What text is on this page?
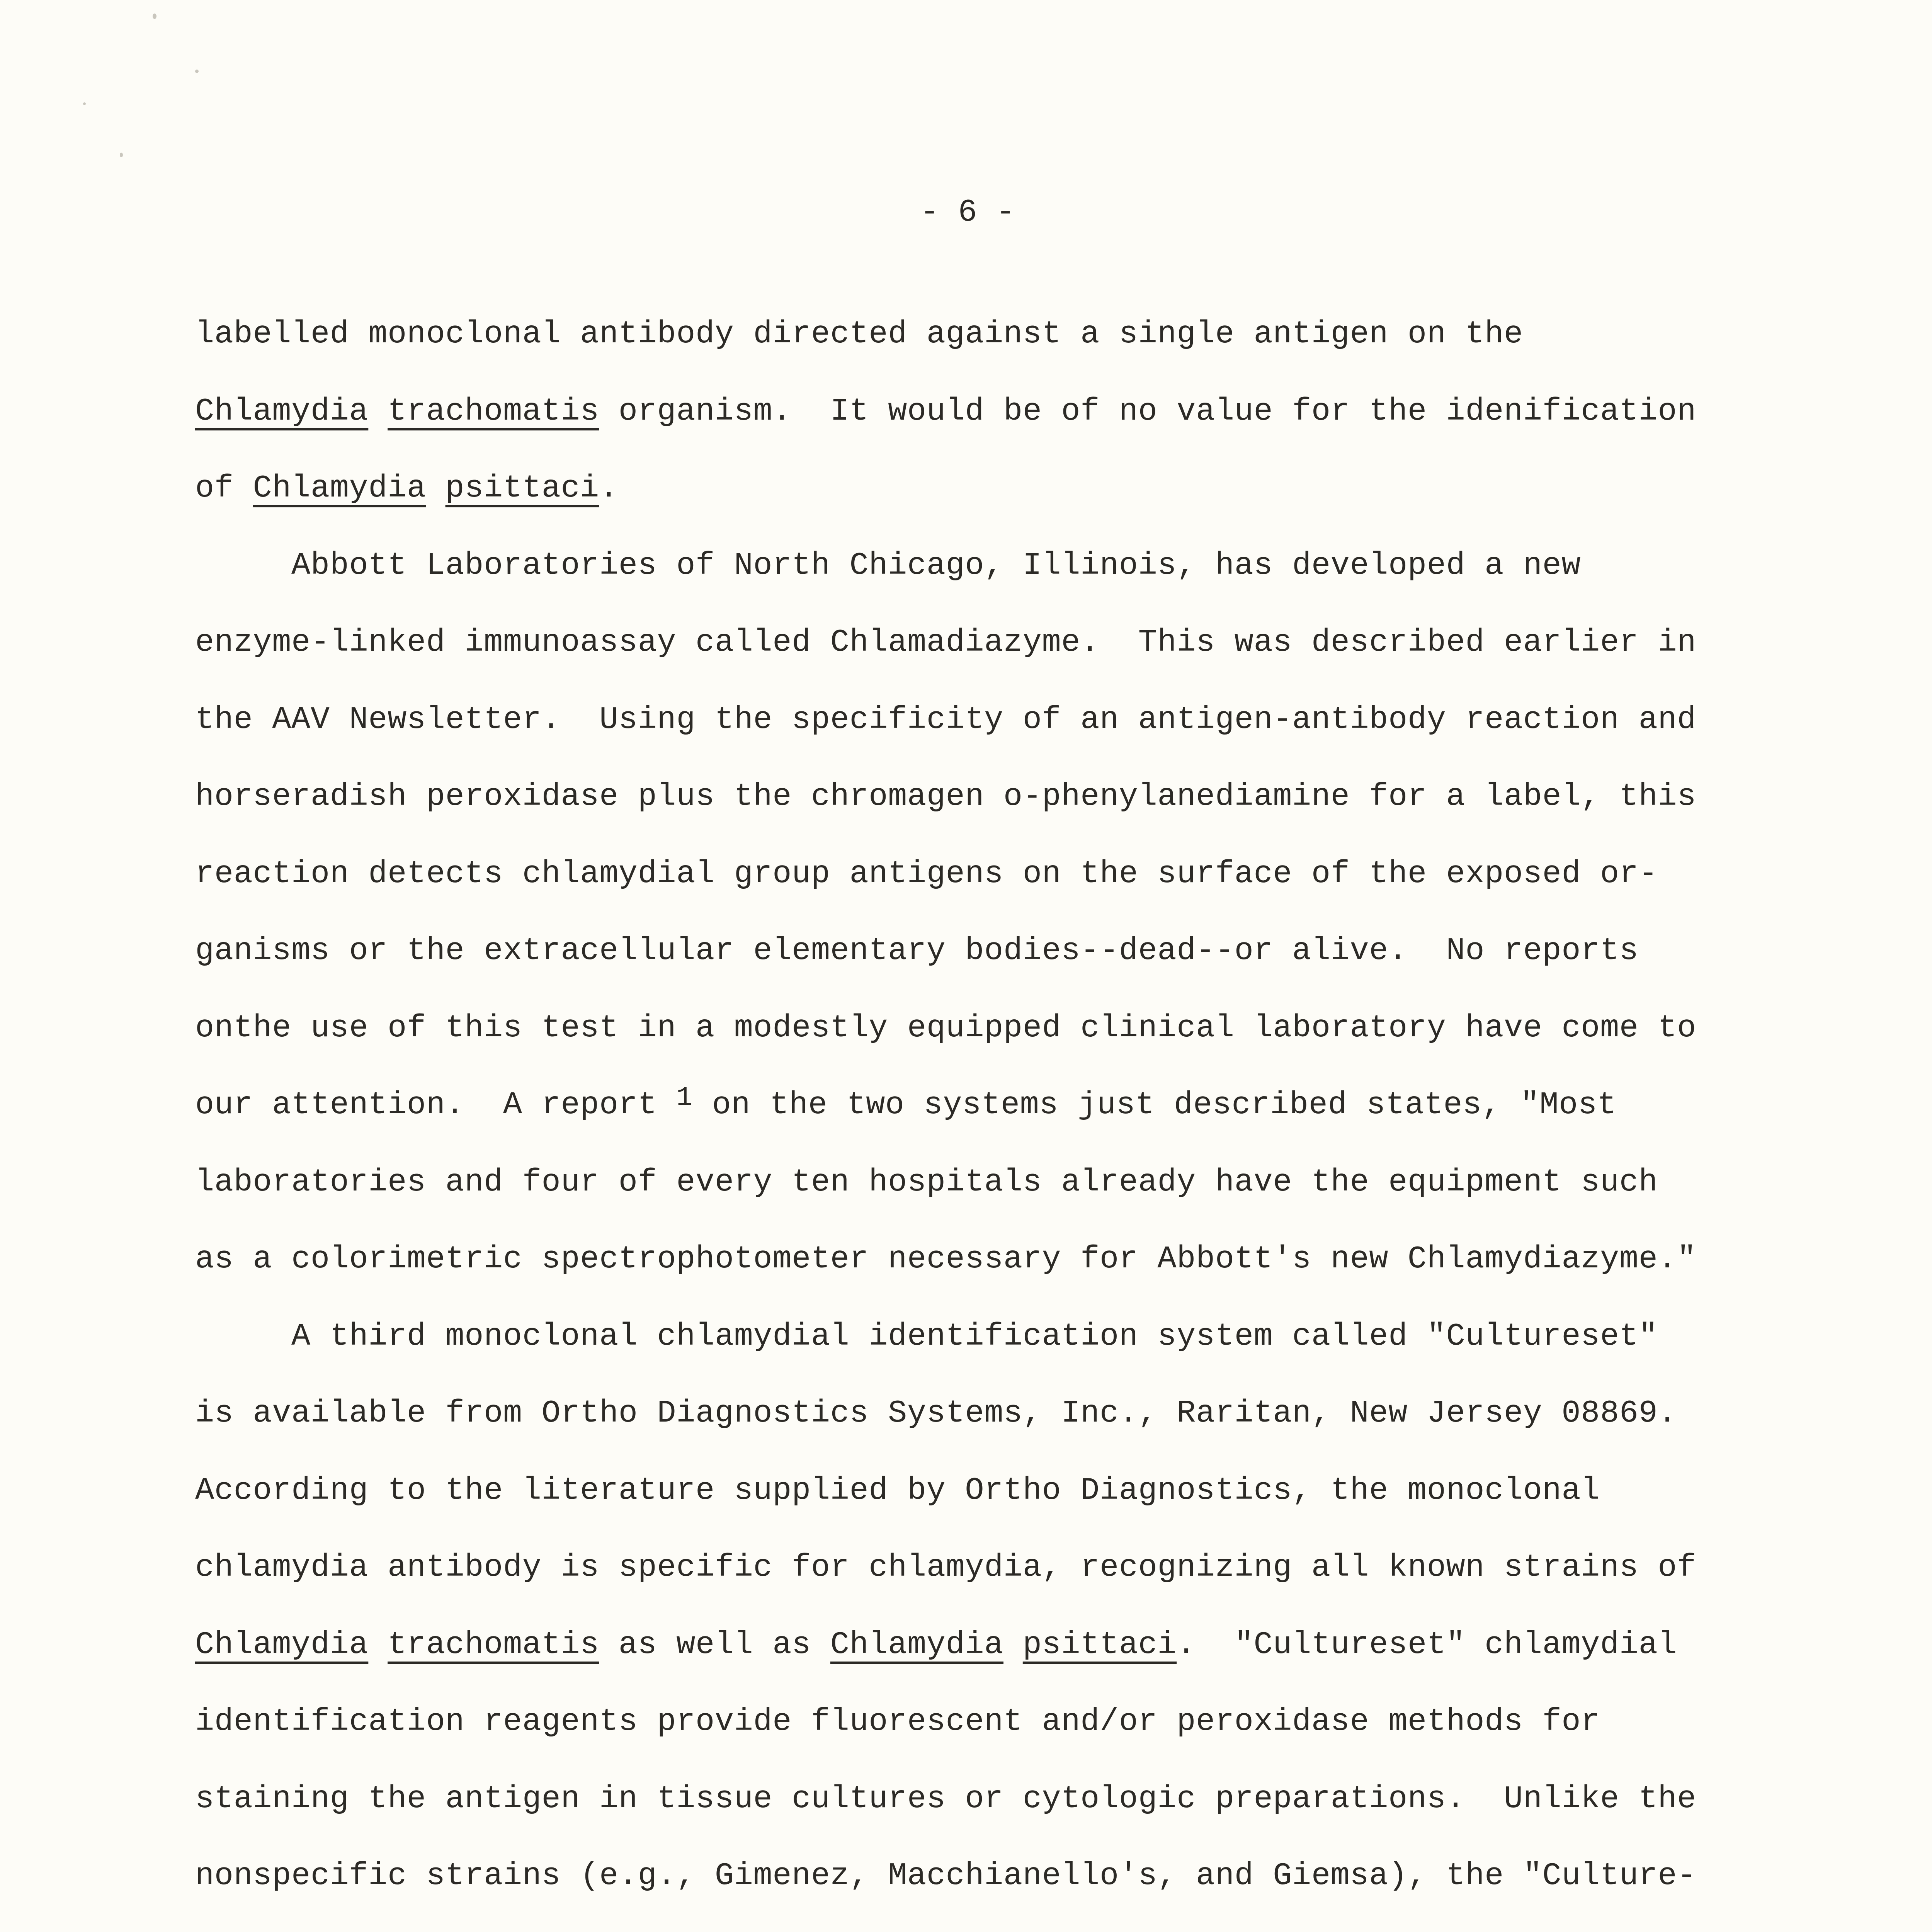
- 6 -
labelled monoclonal antibody directed against a single antigen on the
Chlamydia trachomatis organism.  It would be of no value for the idenification
of Chlamydia psittaci.
Abbott Laboratories of North Chicago, Illinois, has developed a new
enzyme-linked immunoassay called Chlamadiazyme.  This was described earlier in
the AAV Newsletter.  Using the specificity of an antigen-antibody reaction and
horseradish peroxidase plus the chromagen o-phenylanediamine for a label, this
reaction detects chlamydial group antigens on the surface of the exposed or-
ganisms or the extracellular elementary bodies--dead--or alive.  No reports
onthe use of this test in a modestly equipped clinical laboratory have come to
our attention.  A report 1 on the two systems just described states, "Most
laboratories and four of every ten hospitals already have the equipment such
as a colorimetric spectrophotometer necessary for Abbott's new Chlamydiazyme."
A third monoclonal chlamydial identification system called "Cultureset"
is available from Ortho Diagnostics Systems, Inc., Raritan, New Jersey 08869.
According to the literature supplied by Ortho Diagnostics, the monoclonal
chlamydia antibody is specific for chlamydia, recognizing all known strains of
Chlamydia trachomatis as well as Chlamydia psittaci.  "Cultureset" chlamydial
identification reagents provide fluorescent and/or peroxidase methods for
staining the antigen in tissue cultures or cytologic preparations.  Unlike the
nonspecific strains (e.g., Gimenez, Macchianello's, and Giemsa), the "Culture-
